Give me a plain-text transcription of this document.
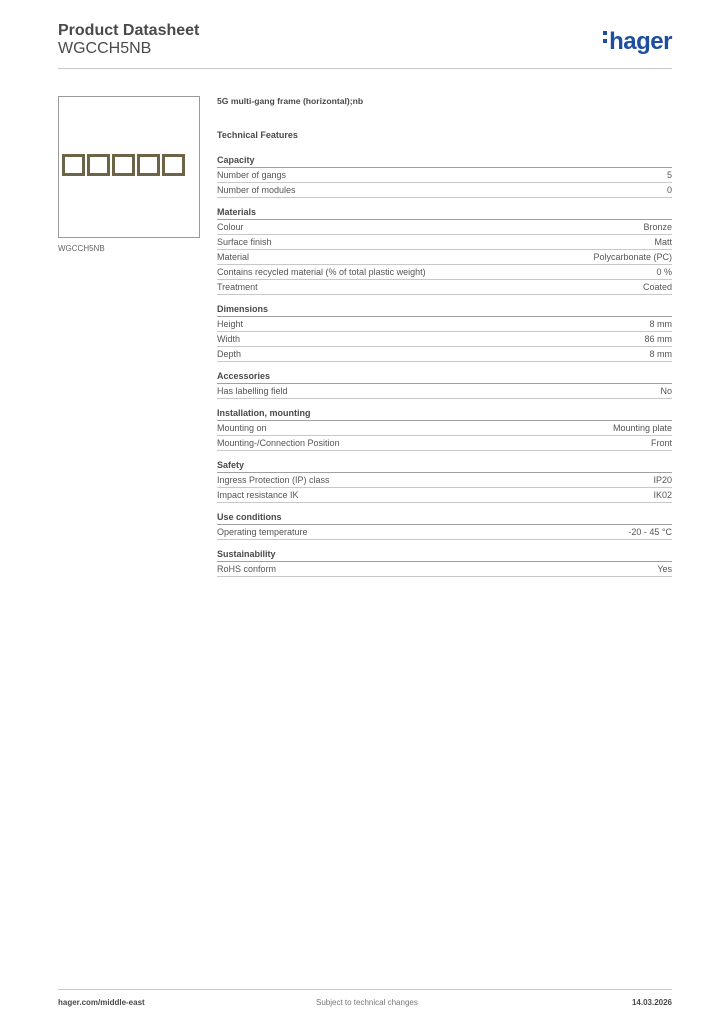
Product Datasheet
WGCCH5NB	hager
WGCCH5NB
5G multi-gang frame (horizontal);nb
Technical Features
Capacity
Number of gangs	5
Number of modules	0
Materials
Colour	Bronze
Surface finish	Matt
Material	Polycarbonate (PC)
Contains recycled material (% of total plastic weight)	0 %
Treatment	Coated
Dimensions
Height	8 mm
Width	86 mm
Depth	8 mm
Accessories
Has labelling field	No
Installation, mounting
Mounting on	Mounting plate
Mounting-/Connection Position	Front
Safety
Ingress Protection (IP) class	IP20
Impact resistance IK	IK02
Use conditions
Operating temperature	-20 - 45 °C
Sustainability
RoHS conform	Yes
hager.com/middle-east	Subject to technical changes	14.03.2026
